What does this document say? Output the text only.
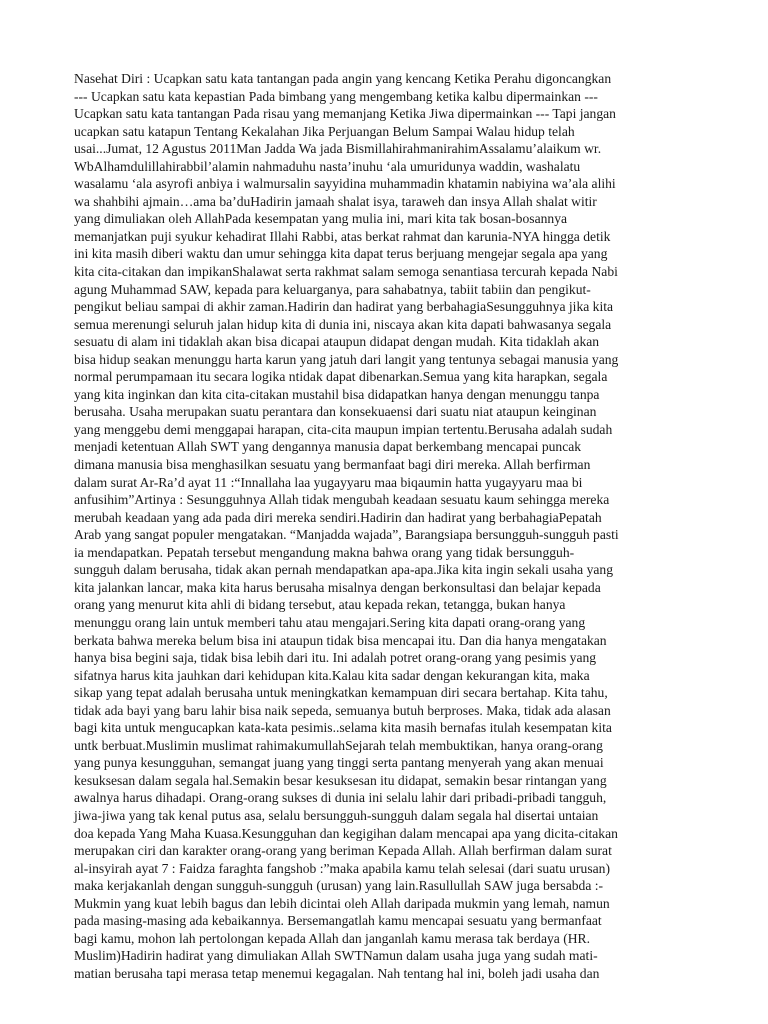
Nasehat Diri : Ucapkan satu kata tantangan pada angin yang kencang Ketika Perahu digoncangkan
--- Ucapkan satu kata kepastian Pada bimbang yang mengembang ketika kalbu dipermainkan ---
Ucapkan satu kata tantangan Pada risau yang memanjang Ketika Jiwa dipermainkan --- Tapi jangan
ucapkan satu katapun Tentang Kekalahan Jika Perjuangan Belum Sampai Walau hidup telah
usai...Jumat, 12 Agustus 2011Man Jadda Wa jada BismillahirahmanirahimAssalamu’alaikum wr.
WbAlhamdulillahirabbil’alamin nahmaduhu nasta’inuhu ‘ala umuridunya waddin, washalatu
wasalamu ‘ala asyrofi anbiya i walmursalin sayyidina muhammadin khatamin nabiyina wa’ala alihi
wa shahbihi ajmain…ama ba’duHadirin jamaah shalat isya, taraweh dan insya Allah shalat witir
yang dimuliakan oleh AllahPada kesempatan yang mulia ini, mari kita tak bosan-bosannya
memanjatkan puji syukur kehadirat Illahi Rabbi, atas berkat rahmat dan karunia-NYA hingga detik
ini kita masih diberi waktu dan umur sehingga kita dapat terus berjuang mengejar segala apa yang
kita cita-citakan dan impikanShalawat serta rakhmat salam semoga senantiasa tercurah kepada Nabi
agung Muhammad SAW, kepada para keluarganya, para sahabatnya, tabiit tabiin dan pengikut-
pengikut beliau sampai di akhir zaman.Hadirin dan hadirat yang berbahagiaSesungguhnya jika kita
semua merenungi seluruh jalan hidup kita di dunia ini, niscaya akan kita dapati bahwasanya segala
sesuatu di alam ini tidaklah akan bisa dicapai ataupun didapat dengan mudah. Kita tidaklah akan
bisa hidup seakan menunggu harta karun yang jatuh dari langit yang tentunya sebagai manusia yang
normal perumpamaan itu secara logika ntidak dapat dibenarkan.Semua yang kita harapkan, segala
yang kita inginkan dan kita cita-citakan mustahil bisa didapatkan hanya dengan menunggu tanpa
berusaha. Usaha merupakan suatu perantara dan konsekuaensi dari suatu niat ataupun keinginan
yang menggebu demi menggapai harapan, cita-cita maupun impian tertentu.Berusaha adalah sudah
menjadi ketentuan Allah SWT yang dengannya manusia dapat berkembang mencapai puncak
dimana manusia bisa menghasilkan sesuatu yang bermanfaat bagi diri mereka. Allah berfirman
dalam surat Ar-Ra’d ayat 11 :“Innallaha laa yugayyaru maa biqaumin hatta yugayyaru maa bi
anfusihim”Artinya : Sesungguhnya Allah tidak mengubah keadaan sesuatu kaum sehingga mereka
merubah keadaan yang ada pada diri mereka sendiri.Hadirin dan hadirat yang berbahagiaPepatah
Arab yang sangat populer mengatakan. “Manjadda wajada”, Barangsiapa bersungguh-sungguh pasti
ia mendapatkan. Pepatah tersebut mengandung makna bahwa orang yang tidak bersungguh-
sungguh dalam berusaha, tidak akan pernah mendapatkan apa-apa.Jika kita ingin sekali usaha yang
kita jalankan lancar, maka kita harus berusaha misalnya dengan berkonsultasi dan belajar kepada
orang yang menurut kita ahli di bidang tersebut, atau kepada rekan, tetangga, bukan hanya
menunggu orang lain untuk memberi tahu atau mengajari.Sering kita dapati orang-orang yang
berkata bahwa mereka belum bisa ini ataupun tidak bisa mencapai itu. Dan dia hanya mengatakan
hanya bisa begini saja, tidak bisa lebih dari itu. Ini adalah potret orang-orang yang pesimis yang
sifatnya harus kita jauhkan dari kehidupan kita.Kalau kita sadar dengan kekurangan kita, maka
sikap yang tepat adalah berusaha untuk meningkatkan kemampuan diri secara bertahap. Kita tahu,
tidak ada bayi yang baru lahir bisa naik sepeda, semuanya butuh berproses. Maka, tidak ada alasan
bagi kita untuk mengucapkan kata-kata pesimis..selama kita masih bernafas itulah kesempatan kita
untk berbuat.Muslimin muslimat rahimakumullahSejarah telah membuktikan, hanya orang-orang
yang punya kesungguhan, semangat juang yang tinggi serta pantang menyerah yang akan menuai
kesuksesan dalam segala hal.Semakin besar kesuksesan itu didapat, semakin besar rintangan yang
awalnya harus dihadapi. Orang-orang sukses di dunia ini selalu lahir dari pribadi-pribadi tangguh,
jiwa-jiwa yang tak kenal putus asa, selalu bersungguh-sungguh dalam segala hal disertai untaian
doa kepada Yang Maha Kuasa.Kesungguhan dan kegigihan dalam mencapai apa yang dicita-citakan
merupakan ciri dan karakter orang-orang yang beriman Kepada Allah. Allah berfirman dalam surat
al-insyirah ayat 7 : Faidza faraghta fangshob :”maka apabila kamu telah selesai (dari suatu urusan)
maka kerjakanlah dengan sungguh-sungguh (urusan) yang lain.Rasullullah SAW juga bersabda :-
Mukmin yang kuat lebih bagus dan lebih dicintai oleh Allah daripada mukmin yang lemah, namun
pada masing-masing ada kebaikannya. Bersemangatlah kamu mencapai sesuatu yang bermanfaat
bagi kamu, mohon lah pertolongan kepada Allah dan janganlah kamu merasa tak berdaya (HR.
Muslim)Hadirin hadirat yang dimuliakan Allah SWTNamun dalam usaha juga yang sudah mati-
matian berusaha tapi merasa tetap menemui kegagalan. Nah tentang hal ini, boleh jadi usaha dan
